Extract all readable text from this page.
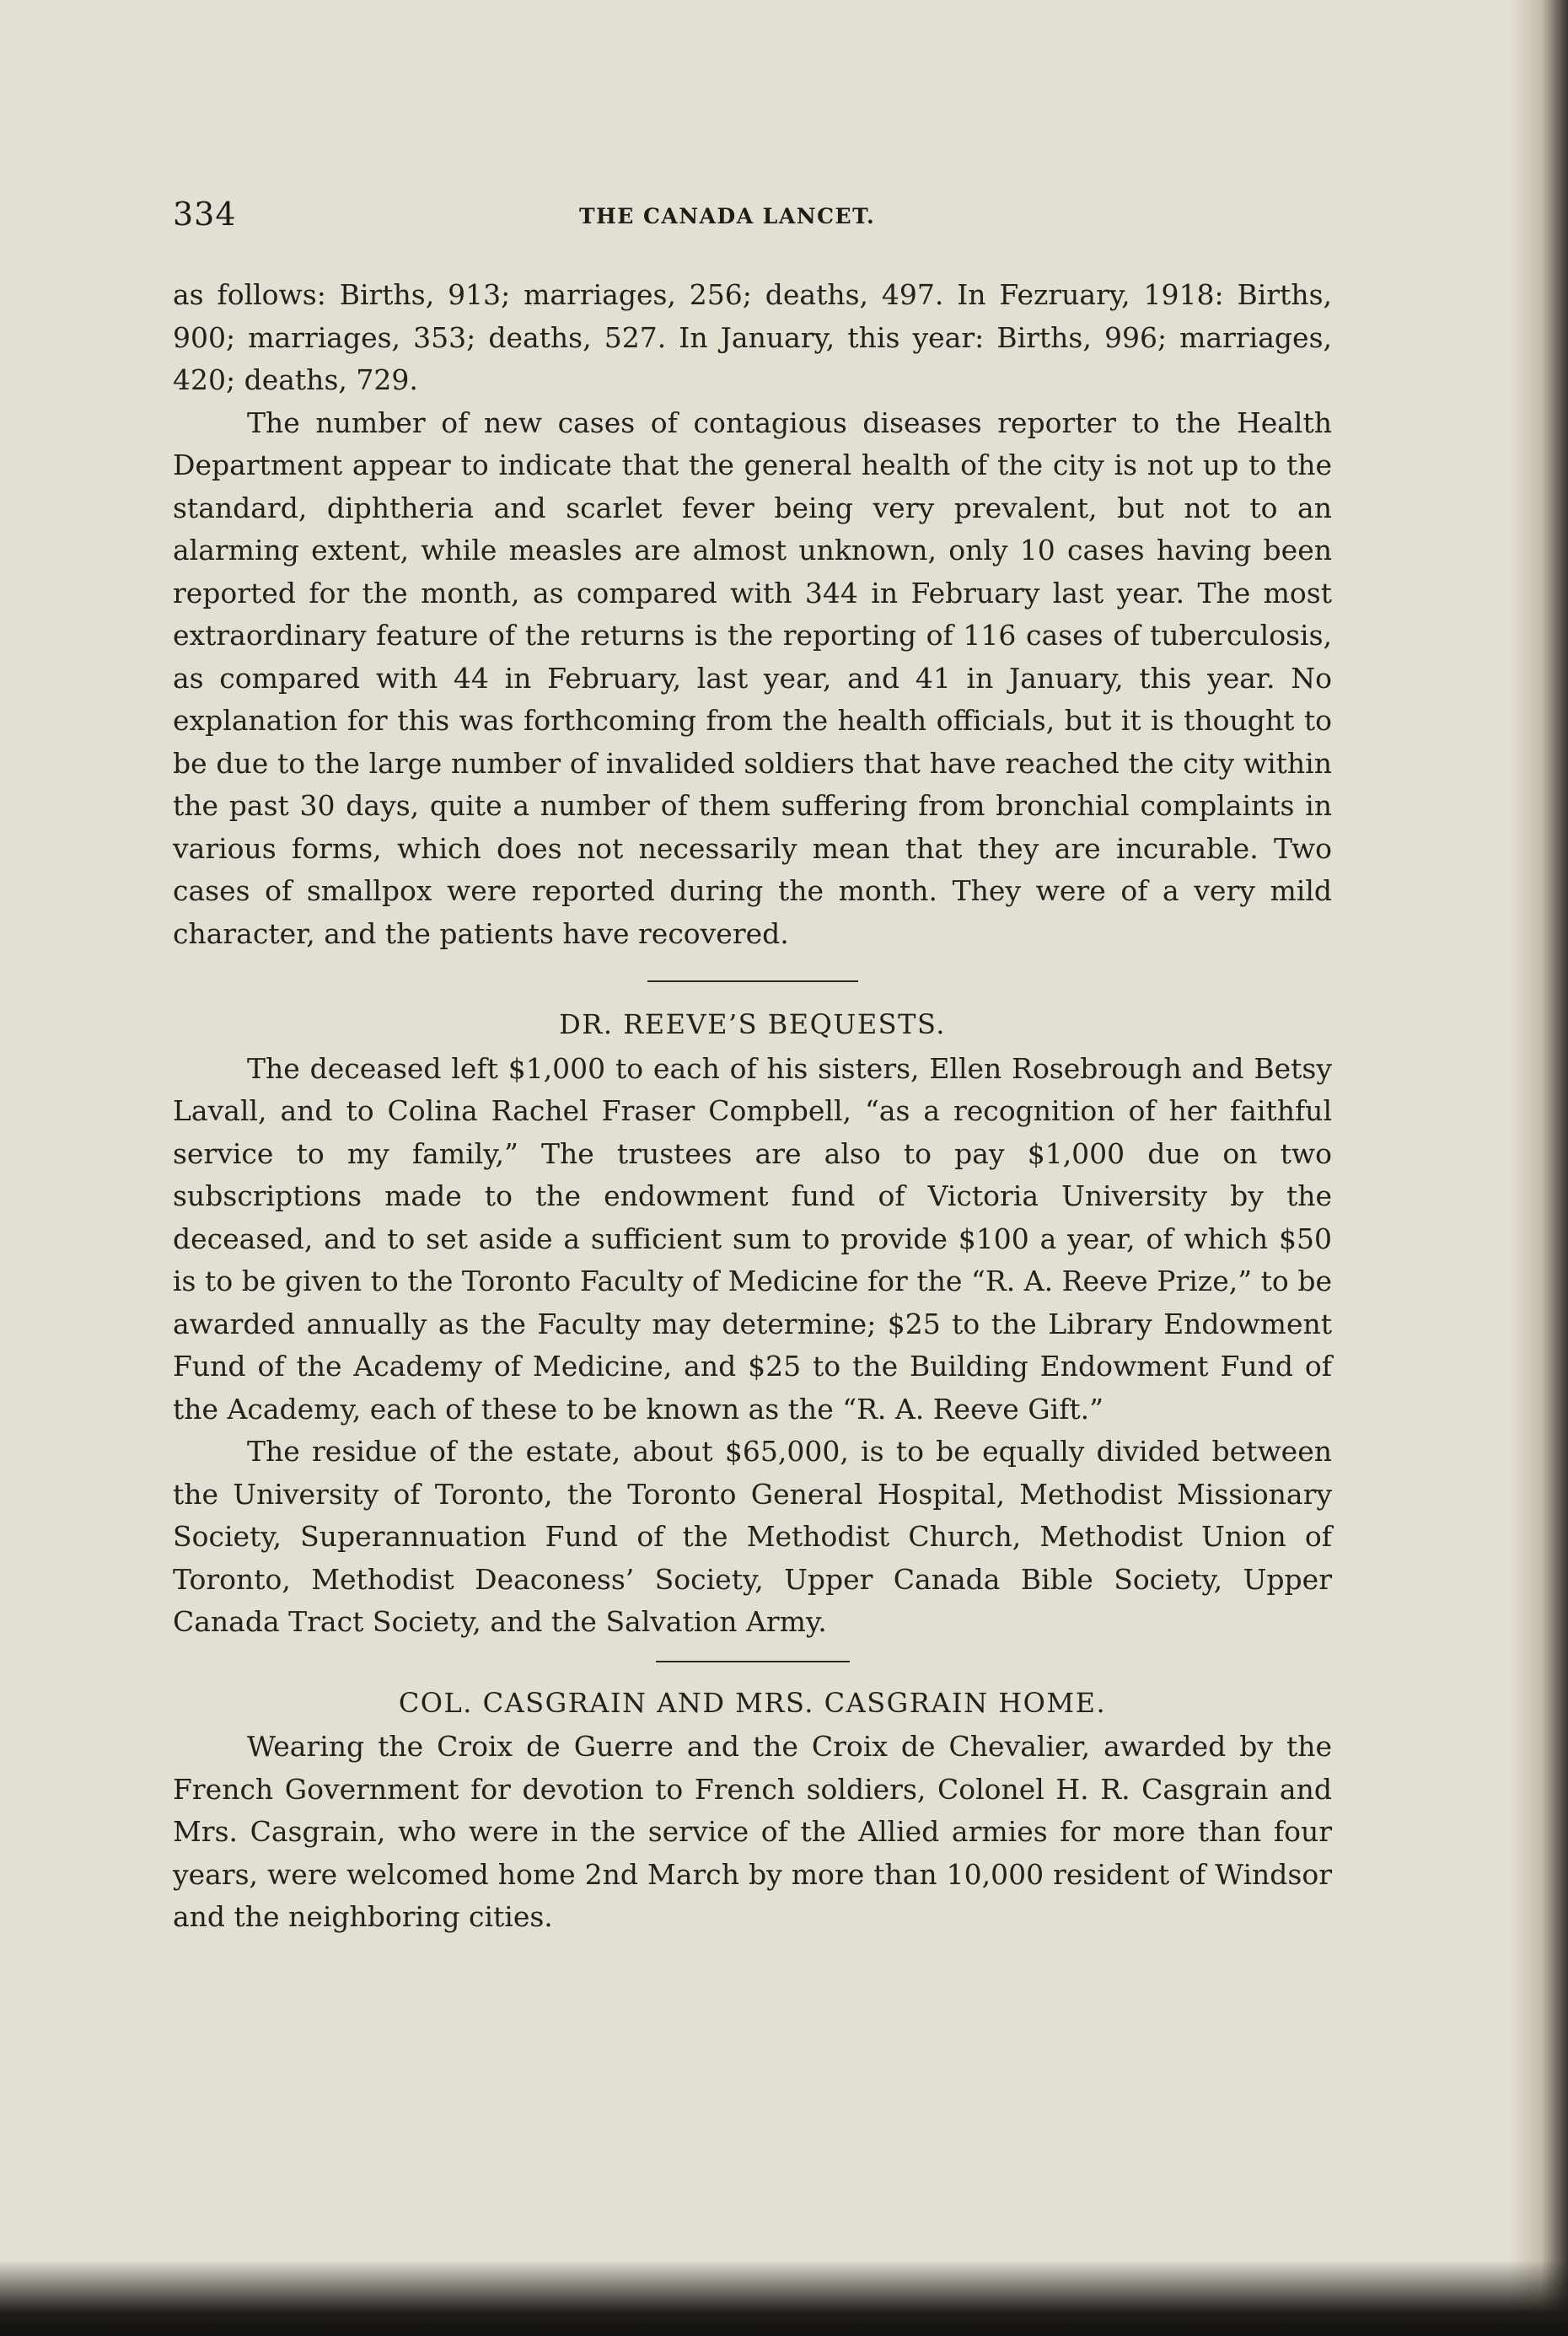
334	THE CANADA LANCET.

as follows: Births, 913; marriages, 256; deaths, 497. In Fezruary, 1918: Births, 900; marriages, 353; deaths, 527. In January, this year: Births, 996; marriages, 420; deaths, 729.

The number of new cases of contagious diseases reporter to the Health Department appear to indicate that the general health of the city is not up to the standard, diphtheria and scarlet fever being very prevalent, but not to an alarming extent, while measles are almost unknown, only 10 cases having been reported for the month, as compared with 344 in February last year. The most extraordinary feature of the returns is the reporting of 116 cases of tuberculosis, as compared with 44 in February, last year, and 41 in January, this year. No explanation for this was forthcoming from the health officials, but it is thought to be due to the large number of invalided soldiers that have reached the city within the past 30 days, quite a number of them suffering from bronchial complaints in various forms, which does not necessarily mean that they are incurable. Two cases of smallpox were reported during the month. They were of a very mild character, and the patients have recovered.

DR. REEVE’S BEQUESTS.

The deceased left $1,000 to each of his sisters, Ellen Rosebrough and Betsy Lavall, and to Colina Rachel Fraser Compbell, “as a recognition of her faithful service to my family,” The trustees are also to pay $1,000 due on two subscriptions made to the endowment fund of Victoria University by the deceased, and to set aside a sufficient sum to provide $100 a year, of which $50 is to be given to the Toronto Faculty of Medicine for the “R. A. Reeve Prize,” to be awarded annually as the Faculty may determine; $25 to the Library Endowment Fund of the Academy of Medicine, and $25 to the Building Endowment Fund of the Academy, each of these to be known as the “R. A. Reeve Gift.”

The residue of the estate, about $65,000, is to be equally divided between the University of Toronto, the Toronto General Hospital, Methodist Missionary Society, Superannuation Fund of the Methodist Church, Methodist Union of Toronto, Methodist Deaconess’ Society, Upper Canada Bible Society, Upper Canada Tract Society, and the Salvation Army.

COL. CASGRAIN AND MRS. CASGRAIN HOME.

Wearing the Croix de Guerre and the Croix de Chevalier, awarded by the French Government for devotion to French soldiers, Colonel H. R. Casgrain and Mrs. Casgrain, who were in the service of the Allied armies for more than four years, were welcomed home 2nd March by more than 10,000 resident of Windsor and the neighboring cities.
